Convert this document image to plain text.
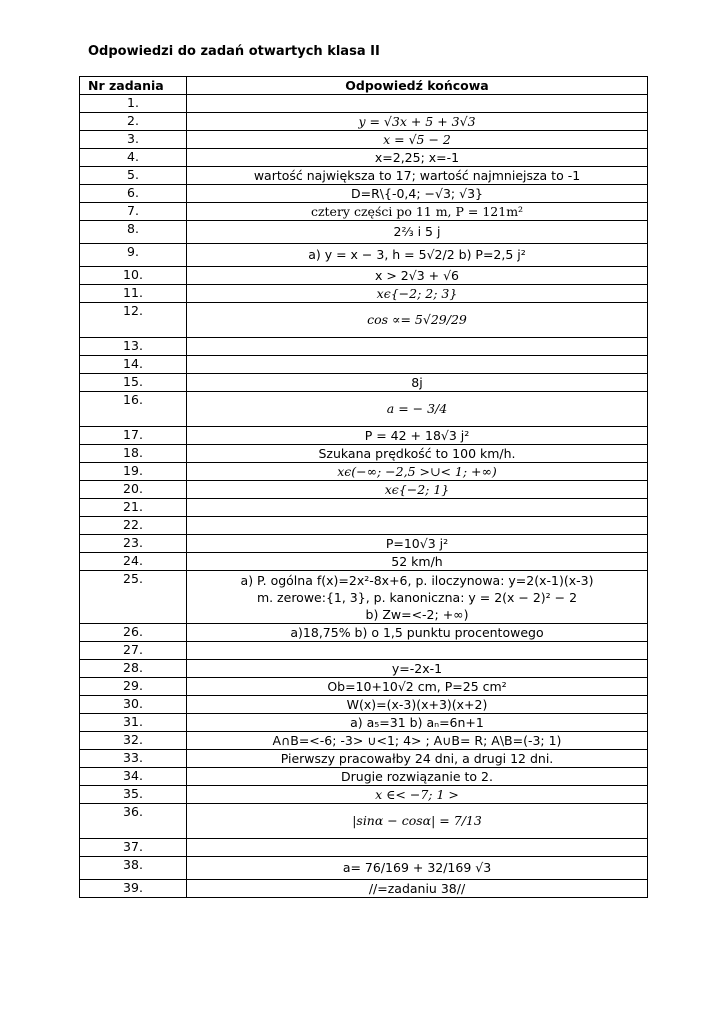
Odpowiedzi do zadań otwartych klasa II
Nr zadania	Odpowiedź końcowa
1.	
2.	y = √3x + 5 + 3√3
3.	x = √5 − 2
4.	x=2,25; x=-1
5.	wartość największa to 17; wartość najmniejsza to -1
6.	D=R\{-0,4; −√3; √3}
7.	cztery części po 11 m, P = 121m²
8.	2⅔ i 5 j
9.	a) y = x − 3, h = 5√2/2 b) P=2,5 j²
10.	x > 2√3 + √6
11.	xϵ{−2; 2; 3}
12.	cos ∝= 5√29/29
13.	
14.	
15.	8j
16.	a = − 3/4
17.	P = 42 + 18√3 j²
18.	Szukana prędkość to 100 km/h.
19.	xϵ(−∞; −2,5 >∪< 1; +∞)
20.	xϵ{−2; 1}
21.	
22.	
23.	P=10√3 j²
24.	52 km/h
25.	a) P. ogólna f(x)=2x²-8x+6, p. iloczynowa: y=2(x-1)(x-3)
m. zerowe:{1, 3}, p. kanoniczna: y = 2(x − 2)² − 2
b) Zw=<-2; +∞)

26.	a)18,75% b) o 1,5 punktu procentowego
27.	
28.	y=-2x-1
29.	Ob=10+10√2 cm, P=25 cm²
30.	W(x)=(x-3)(x+3)(x+2)
31.	a) a₅=31 b) aₙ=6n+1
32.	A∩B=<-6; -3> ∪<1; 4> ; A∪B= R; A\B=(-3; 1)
33.	Pierwszy pracowałby 24 dni, a drugi 12 dni.
34.	Drugie rozwiązanie to 2.
35.	x ∈< −7; 1 >
36.	|sinα − cosα| = 7/13
37.	
38.	a= 76/169 + 32/169 √3
39.	//=zadaniu 38//
